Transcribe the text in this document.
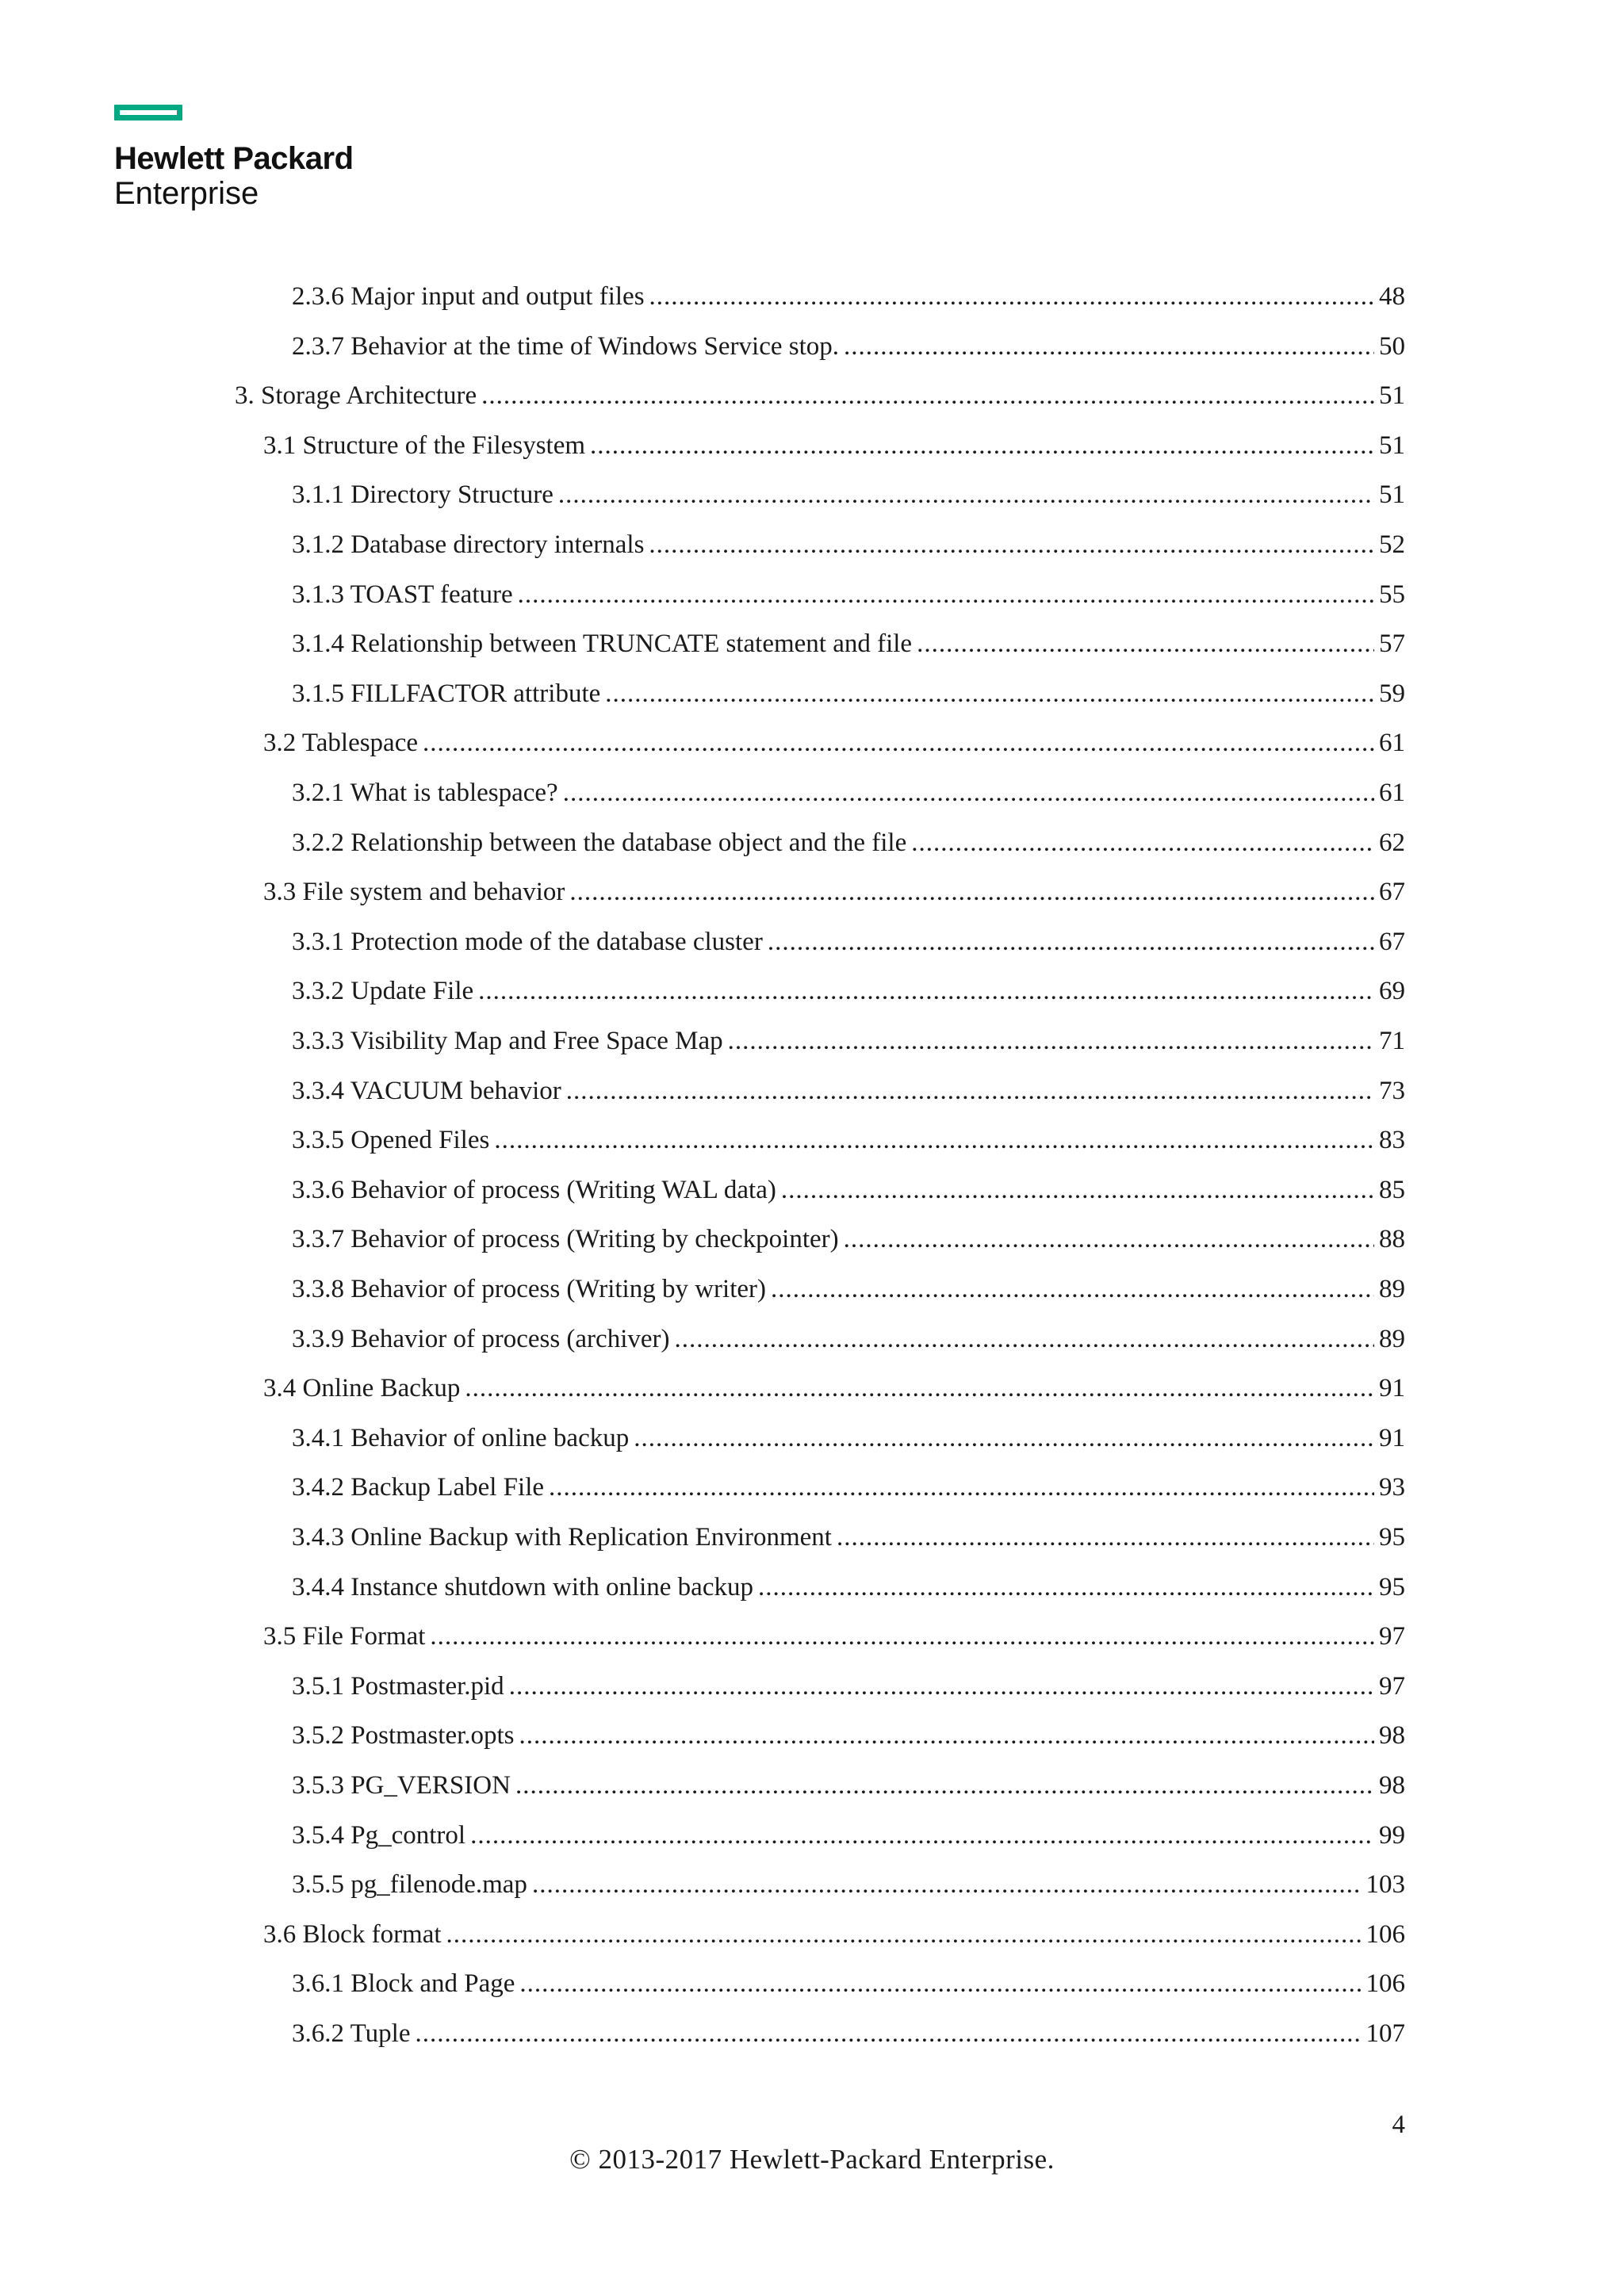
Hewlett Packard
Enterprise
2.3.6 Major input and output files .....	48
2.3.7 Behavior at the time of Windows Service stop. .....	50
3. Storage Architecture .....	51
3.1 Structure of the Filesystem .....	51
3.1.1 Directory Structure .....	51
3.1.2 Database directory internals .....	52
3.1.3 TOAST feature .....	55
3.1.4 Relationship between TRUNCATE statement and file .....	57
3.1.5 FILLFACTOR attribute .....	59
3.2 Tablespace .....	61
3.2.1 What is tablespace? .....	61
3.2.2 Relationship between the database object and the file .....	62
3.3 File system and behavior .....	67
3.3.1 Protection mode of the database cluster .....	67
3.3.2 Update File .....	69
3.3.3 Visibility Map and Free Space Map .....	71
3.3.4 VACUUM behavior .....	73
3.3.5 Opened Files .....	83
3.3.6 Behavior of process (Writing WAL data) .....	85
3.3.7 Behavior of process (Writing by checkpointer) .....	88
3.3.8 Behavior of process (Writing by writer) .....	89
3.3.9 Behavior of process (archiver) .....	89
3.4 Online Backup .....	91
3.4.1 Behavior of online backup .....	91
3.4.2 Backup Label File .....	93
3.4.3 Online Backup with Replication Environment .....	95
3.4.4 Instance shutdown with online backup .....	95
3.5 File Format .....	97
3.5.1 Postmaster.pid .....	97
3.5.2 Postmaster.opts .....	98
3.5.3 PG_VERSION .....	98
3.5.4 Pg_control .....	99
3.5.5 pg_filenode.map .....	103
3.6 Block format .....	106
3.6.1 Block and Page .....	106
3.6.2 Tuple .....	107
4
© 2013-2017 Hewlett-Packard Enterprise.
